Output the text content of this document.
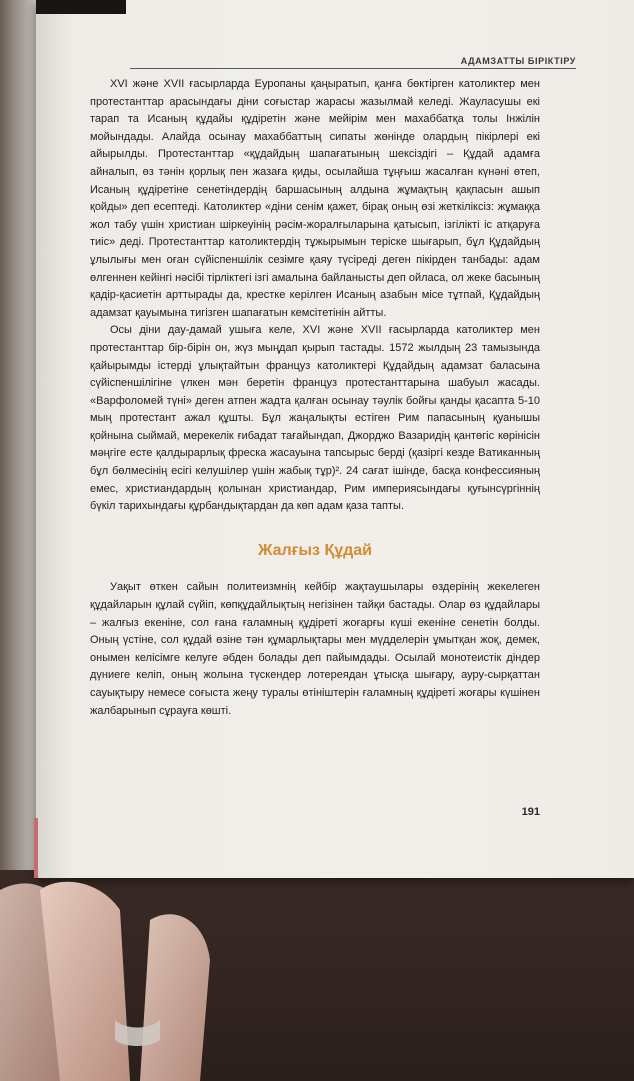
АДАМЗАТТЫ БІРІКТІРУ

XVI және XVII ғасырларда Еуропаны қаңыратып, қанға бөктірген католиктер мен протестанттар арасындағы діни соғыстар жарасы жазылмай келеді. Жауласушы екі тарап та Исаның құдайы құдіретін және мейірім мен махаббатқа толы Інжілін мойындады. Алайда осынау махаббаттың сипаты жөнінде олардың пікірлері екі айырылды. Протестанттар «құдайдың шапағатының шексіздігі – Құдай адамға айналып, өз тәнін қорлық пен жазаға қиды, осылайша тұңғыш жасалған күнәні өтеп, Исаның құдіретіне сенетіндердің баршасының алдына жұмақтың қақпасын ашып қойды» деп есептеді. Католиктер «діни сенім қажет, бірақ оның өзі жеткіліксіз: жұмаққа жол табу үшін христиан шіркеуінің рәсім-жоралғыларына қатысып, ізгілікті іс атқаруға тиіс» деді. Протестанттар католиктердің тұжырымын теріске шығарып, бұл Құдайдың ұлылығы мен оған сүйіспеншілік сезімге қаяу түсіреді деген пікірден танбады: адам өлгеннен кейінгі нәсібі тірліктегі ізгі амалына байланысты деп ойласа, ол жеке басының қадір-қасиетін арттырады да, крестке керілген Исаның азабын місе тұтпай, Құдайдың адамзат қауымына тигізген шапағатын кемсітетінін айтты.

Осы діни дау-дамай ушыға келе, XVI және XVII ғасырларда католиктер мен протестанттар бір-бірін он, жүз мыңдап қырып тастады. 1572 жылдың 23 тамызында қайырымды істерді ұлықтайтын француз католиктері Құдайдың адамзат баласына сүйіспеншілігіне үлкен мән беретін француз протестанттарына шабуыл жасады. «Варфоломей түні» деген атпен жадта қалған осынау тәулік бойғы қанды қасапта 5-10 мың протестант ажал құшты. Бұл жаңалықты естіген Рим папасының қуанышы қойнына сыймай, мерекелік ғибадат тағайындап, Джорджо Вазаридің қантөгіс көрінісін мәңгіге есте қалдырарлық фреска жасауына тапсырыс берді (қазіргі кезде Ватиканның бұл бөлмесінің есігі келушілер үшін жабық тұр)². 24 сағат ішінде, басқа конфессияның емес, христиандардың қолынан христиандар, Рим империясындағы қуғынсүргіннің бүкіл тарихындағы құрбандықтардан да көп адам қаза тапты.

Жалғыз Құдай

Уақыт өткен сайын политеизмнің кейбір жақтаушылары өздерінің жекелеген құдайларын құлай сүйіп, көпқұдайлықтың негізінен тайқи бастады. Олар өз құдайлары – жалғыз екеніне, сол ғана ғаламның құдіреті жоғарғы күші екеніне сенетін болды. Оның үстіне, сол құдай өзіне тән құмарлықтары мен мүдделерін ұмытқан жоқ, демек, онымен келісімге келуге әбден болады деп пайымдады. Осылай монотеистік діндер дүниеге келіп, оның жолына түскендер лотереядан ұтысқа шығару, ауру-сырқаттан сауықтыру немесе соғыста жеңу туралы өтініштерін ғаламның құдіреті жоғары күшінен жалбарынып сұрауға көшті.

191
